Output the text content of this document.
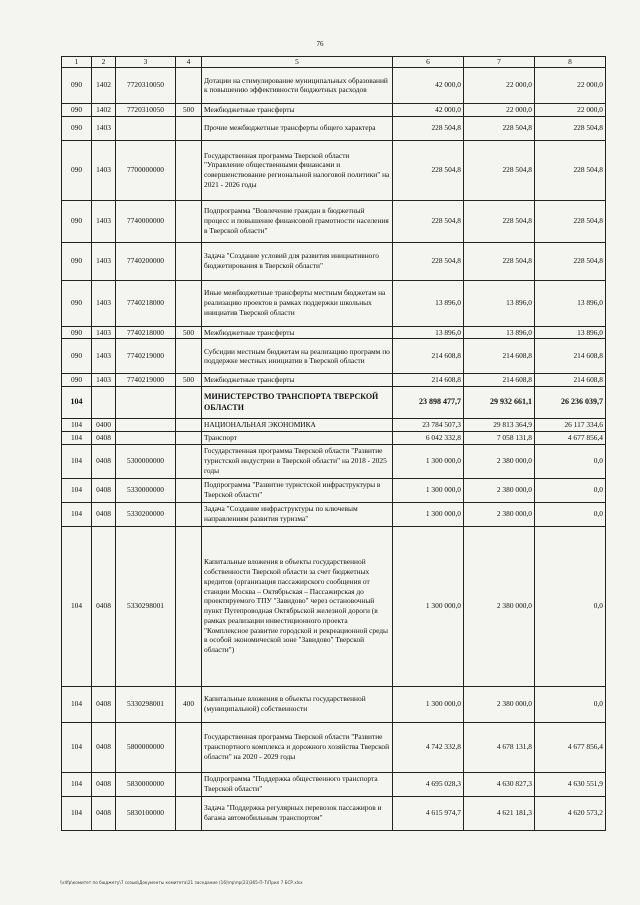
76
1	2	3	4	5	6	7	8
090	1402	7720310050		Дотации на стимулирование муниципальных образований к повышению эффективности бюджетных расходов	42 000,0	22 000,0	22 000,0
090	1402	7720310050	500	Межбюджетные трансферты	42 000,0	22 000,0	22 000,0
090	1403			Прочие межбюджетные трансферты общего характера	228 504,8	228 504,8	228 504,8
090	1403	7700000000		Государственная программа Тверской области "Управление общественными финансами и совершенствование региональной налоговой политики" на 2021 - 2026 годы	228 504,8	228 504,8	228 504,8
090	1403	7740000000		Подпрограмма "Вовлечение граждан в бюджетный процесс и повышение финансовой грамотности населения в Тверской области"	228 504,8	228 504,8	228 504,8
090	1403	7740200000		Задача "Создание условий для развития инициативного бюджетирования в Тверской области"	228 504,8	228 504,8	228 504,8
090	1403	7740218000		Иные межбюджетные трансферты местным бюджетам на реализацию проектов в рамках поддержки школьных инициатив Тверской области	13 896,0	13 896,0	13 896,0
090	1403	7740218000	500	Межбюджетные трансферты	13 896,0	13 896,0	13 896,0
090	1403	7740219000		Субсидии местным бюджетам на реализацию программ по поддержке местных инициатив в Тверской области	214 608,8	214 608,8	214 608,8
090	1403	7740219000	500	Межбюджетные трансферты	214 608,8	214 608,8	214 608,8
104				МИНИСТЕРСТВО ТРАНСПОРТА ТВЕРСКОЙ ОБЛАСТИ	23 898 477,7	29 932 661,1	26 236 039,7
104	0400			НАЦИОНАЛЬНАЯ ЭКОНОМИКА	23 784 507,3	29 813 364,9	26 117 334,6
104	0408			Транспорт	6 042 332,8	7 058 131,8	4 677 856,4
104	0408	5300000000		Государственная программа Тверской области "Развитие туристской индустрии в Тверской области" на 2018 - 2025 годы	1 300 000,0	2 380 000,0	0,0
104	0408	5330000000		Подпрограмма "Развитие туристской инфраструктуры в Тверской области"	1 300 000,0	2 380 000,0	0,0
104	0408	5330200000		Задача "Создание инфраструктуры по ключевым направлениям развития туризма"	1 300 000,0	2 380 000,0	0,0
104	0408	5330298001		Капитальные вложения в объекты государственной собственности Тверской области за счет бюджетных кредитов (организация пассажирского сообщения от станции Москва – Октябрьская – Пассажирская до проектируемого ТПУ "Завидово" через остановочный пункт Путепроводная Октябрьской железной дороги (в рамках реализации инвестиционного проекта "Комплексное развитие городской и рекреационной среды в особой экономической зоне "Завидово" Тверской области")	1 300 000,0	2 380 000,0	0,0
104	0408	5330298001	400	Капитальные вложения в объекты государственной (муниципальной) собственности	1 300 000,0	2 380 000,0	0,0
104	0408	5800000000		Государственная программа Тверской области "Развитие транспортного комплекса и дорожного хозяйства Тверской области" на 2020 - 2029 годы	4 742 332,8	4 678 131,8	4 677 856,4
104	0408	5830000000		Подпрограмма "Поддержка общественного транспорта Тверской области"	4 695 028,3	4 630 827,3	4 630 551,9
104	0408	5830100000		Задача "Поддержка регулярных перевозок пассажиров и багажа автомобильным транспортом"	4 615 974,7	4 621 181,3	4 620 573,2
\\r4fp\комитет по бюджету\7 созыв\Документы комитета\21 заседание (16)\пр\пр(23)365-П-7\Прил 7 БСР.xlsx
